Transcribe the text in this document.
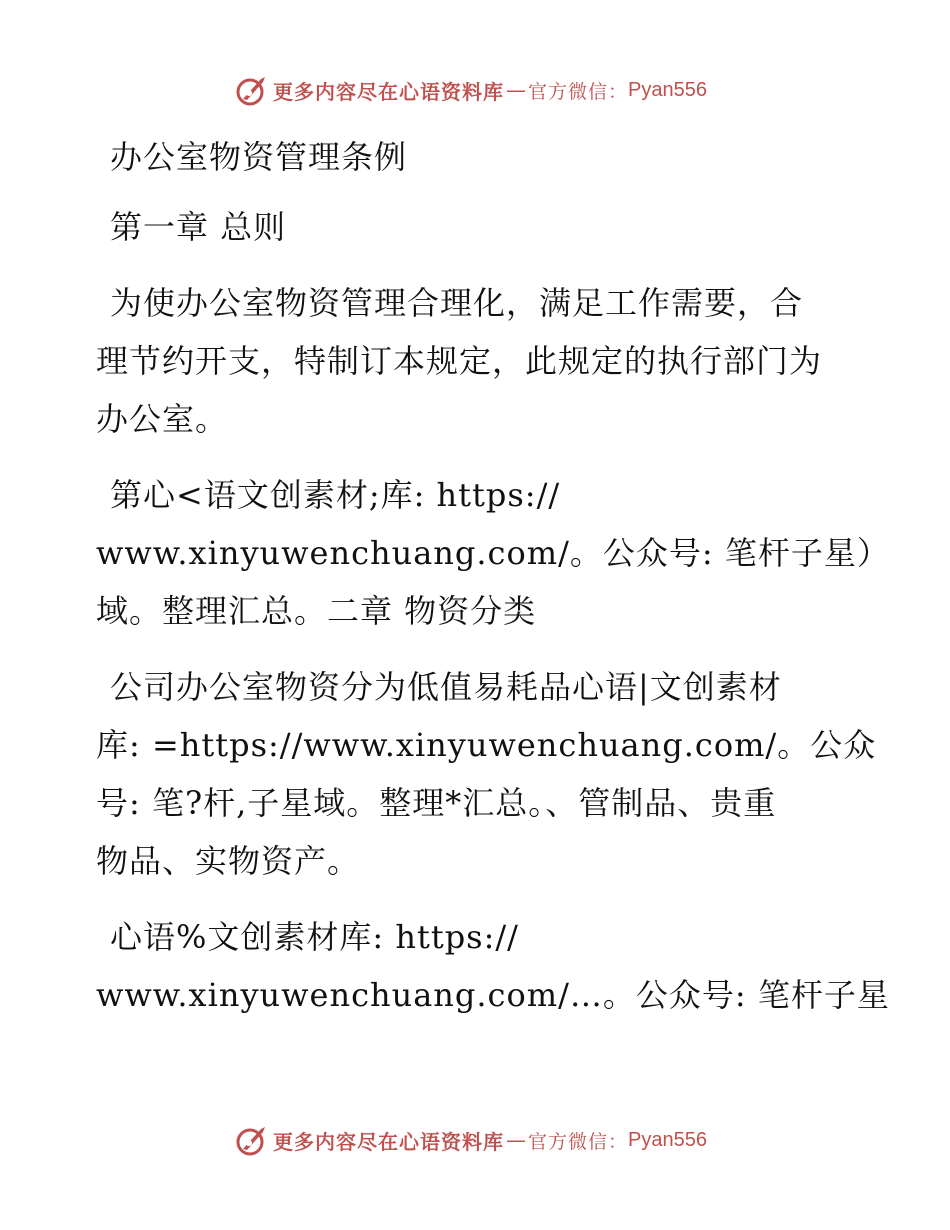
更多内容尽在心语资料库 — 官方微信： Pyan556

办公室物资管理条例

第一章 总则

为使办公室物资管理合理化，满足工作需要，合
理节约开支，特制订本规定，此规定的执行部门为
办公室。

第心<语文创素材;库: https://
www.xinyuwenchuang.com/。公众号: 笔杆子星）
域。整理汇总。二章 物资分类

公司办公室物资分为低值易耗品心语|文创素材
库: =https://www.xinyuwenchuang.com/。公众
号: 笔?杆,子星域。整理*汇总。、管制品、贵重
物品、实物资产。

心语%文创素材库: https://
www.xinyuwenchuang.com/…。公众号: 笔杆子星

更多内容尽在心语资料库 — 官方微信： Pyan556
